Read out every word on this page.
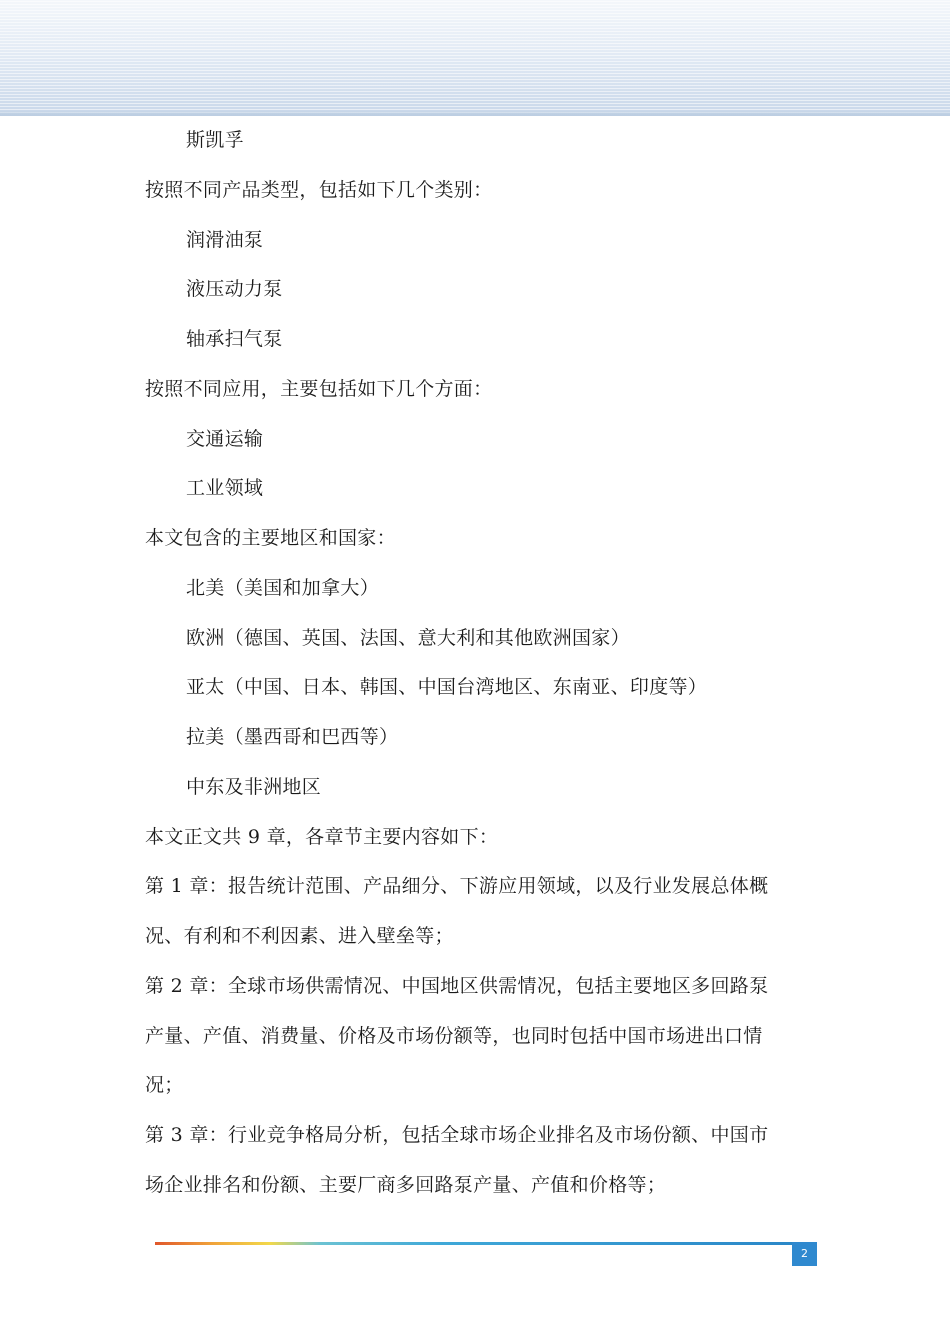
斯凯孚
按照不同产品类型，包括如下几个类别：
润滑油泵
液压动力泵
轴承扫气泵
按照不同应用，主要包括如下几个方面：
交通运输
工业领域
本文包含的主要地区和国家：
北美（美国和加拿大）
欧洲（德国、英国、法国、意大利和其他欧洲国家）
亚太（中国、日本、韩国、中国台湾地区、东南亚、印度等）
拉美（墨西哥和巴西等）
中东及非洲地区
本文正文共 9 章，各章节主要内容如下：
第 1 章：报告统计范围、产品细分、下游应用领域，以及行业发展总体概
况、有利和不利因素、进入壁垒等；
第 2 章：全球市场供需情况、中国地区供需情况，包括主要地区多回路泵
产量、产值、消费量、价格及市场份额等，也同时包括中国市场进出口情
况；
第 3 章：行业竞争格局分析，包括全球市场企业排名及市场份额、中国市
场企业排名和份额、主要厂商多回路泵产量、产值和价格等；
2
